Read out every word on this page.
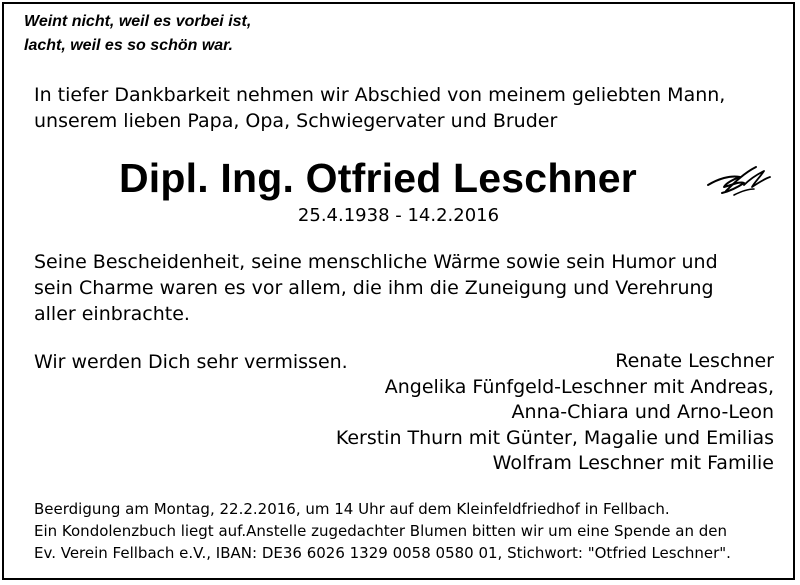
Weint nicht, weil es vorbei ist,
lacht, weil es so schön war.
In tiefer Dankbarkeit nehmen wir Abschied von meinem geliebten Mann,
unserem lieben Papa, Opa, Schwiegervater und Bruder
Dipl. Ing. Otfried Leschner
25.4.1938 - 14.2.2016
Seine Bescheidenheit, seine menschliche Wärme sowie sein Humor und
sein Charme waren es vor allem, die ihm die Zuneigung und Verehrung
aller einbrachte.
Wir werden Dich sehr vermissen.	Renate Leschner
Angelika Fünfgeld-Leschner mit Andreas,
Anna-Chiara und Arno-Leon
Kerstin Thurn mit Günter, Magalie und Emilias
Wolfram Leschner mit Familie
Beerdigung am Montag, 22.2.2016, um 14 Uhr auf dem Kleinfeldfriedhof in Fellbach.
Ein Kondolenzbuch liegt auf.Anstelle zugedachter Blumen bitten wir um eine Spende an den
Ev. Verein Fellbach e.V., IBAN: DE36 6026 1329 0058 0580 01, Stichwort: "Otfried Leschner".
